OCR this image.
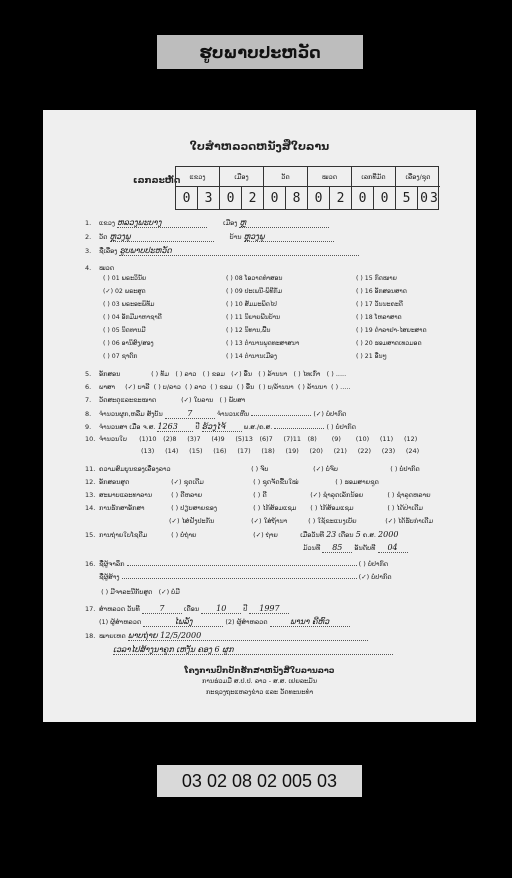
ຮູບພາບປະຫວັດ
ໃບສຳຫລວດຫນັງສືໃບລານ
ເລກລະຫັດ	ແຂວງ	ເມືອງ	ວັດ	ໝວດ	ເລກທີ່ມັດ	ເລື່ອງ/ຊຸດ
0	3	0	2	0	8	0	2	0	0	5 0 3
1. ແຂວງ ຫລວງພະບາງ	ເມືອງ ຫຼ
2. ວັດ ຫຼວງພູ	ບ້ານ ຫຼວງພູ
3. ຊື່ເລື່ອງ ຮູບພາບປະຫວັດ
4. ໝວດ
( ) 01 ພຣະວິນັຍ	( ) 08 ໂອວາດທຳສອນ	( ) 15 ກົດໝາຍ
(✓) 02 ພຣະສູດ	( ) 09 ປະເພນີ-ພິທີກັມ	( ) 16 ອັກສອນສາດ
( ) 03 ພຣະອະພິທັມ	( ) 10 ສັມມະພິດໄປ	( ) 17 ວັນນະຄະດີ
( ) 04 ອັກມີມາຫາຊາດີ	( ) 11 ນິຍາຍພີນບ້ານ	( ) 18 ໂຫລາສາດ
( ) 05 ນິດທານມີ	( ) 12 ນິທານ,ພື້ນ	( ) 19 ດຳລາຢາ-ໄສຍະສາດ
( ) 06 ອານິສົງ/ສອງ	( ) 13 ຕຳນານພຸດທະສາສນາ	( ) 20 ຮອມສາດເທວມອດ
( ) 07 ຊາດົກ	( ) 14 ຕຳນານເມືອງ	( ) 21 ອື່ນໆ
5. ອັກສອນ	( ) ທັມ ( ) ລາວ ( ) ຂອມ (✓) ອື່ນ ( ) ລ້ານນາ ( ) ໄທເກົ່າ ( ) .....
6. ພາສາ (✓) ບາລີ ( ) ບ/ລາວ ( ) ລາວ ( ) ຂອມ ( ) ອື່ນ ( ) ບ/ລ້ານນາ ( ) ລ້ານນາ ( ) .....
7. ວັດສະດຸແລະຂະໜາດ	(✓) ໃບລານ ( ) ພັບສາ
8. ຈຳນວນຜູກ,ຫລືມ ສັງບັນ	7	ຈຳນວນເຫີນ	(✓) ບໍ່ປາກົດ
9. ຈຳນວນສາ ເມື່ອ ຈ.ສ. 1263	ປີ ຮ້ວງໄຈ້	ພ.ສ./ຄ.ສ.	( ) ບໍ່ປາກົດ
10. ຈຳນວນໃບ (1)10 (2)8 (3)7 (4)9 (5)13 (6)7 (7)11 (8) (9) (10) (11) (12)
(13) (14) (15) (16) (17) (18) (19) (20) (21) (22) (23) (24)
11. ຄວາມສົມບູນຂອງເລື່ອງລາວ	( ) ຈົບ	(✓) ບໍ່ຈົບ	( ) ບໍ່ປາກົດ
12. ອັກສອນສູດ	(✓) ຊຸດເດີມ	( ) ຊຸດຈັດຂື້ນໃໝ່	( ) ຮອມສາຍຊຸດ
13. ສະພາບແລະທາລານ	( ) ດີຫລາຍ	( ) ດີ	(✓) ຊຳລຸດເລັກນ້ອຍ	( ) ຊຳລຸດຫລາຍ
14. ການຮັກສາອັກສາ	( ) ປຽບສາຍຂອງ	( ) ໄກ້ສ້ອມແຊມ ( ) ໄກ້ສ້ອມແຊມ	( ) ໄດ້ປ່າເດີມ
(✓) ໄສ່ຝັງປະກັນ	(✓) ໃສ່ຖ້ານາ	( ) ໃຊ້ຂະແນງເບັຍ	(✓) ໄດ້ຮັບກ່າເດີມ
15. ການຖ່າຍໃບໂຊດີມ	( ) ບໍ່ຖ່າຍ	(✓) ຖ່າຍ	ເມື່ອວັນທີ 23 ເດືອນ 5 ຄ.ສ. 2000
ມ້ວນທີ 85 ອັນດັບທີ 04
16. ຊື່ຜູ້ຈາລຶກ	( ) ບໍ່ປາກົດ
ຊື່ຜູ້ສ້າງ	(✓) ບໍ່ປາກົດ
( ) ມີຈາລະນີກັບສູດ (✓) ບໍ່ມີ
17. ສຳຫລວດ ວັນທີ 7	ເດືອນ 10	ປີ 1997
(1) ຜູ້ສຳຫລວດ	ໄພລັງ	(2) ຜູ້ສຳຫລວດ	ພານາ ຄີຫົວ
18. ໝາຍເຫດ ພາບຖ່າຍ 12/5/2000
ເວລາໄປສ້າງນາຄູກ ເຫງັນ ຄອງ 6 ຜູກ
ໂຄງການປົກປັກຮັກສາຫນັງສືໃບລານລາວ
ການຮ່ວມມື ສ.ປ.ປ. ລາວ - ສ.ສ. ເຢຍລະມັນ
ກະຊວງຖະແຫລງຂ່າວ ແລະ ວັດທະນະທຳ
03 02 08 02 005 03
